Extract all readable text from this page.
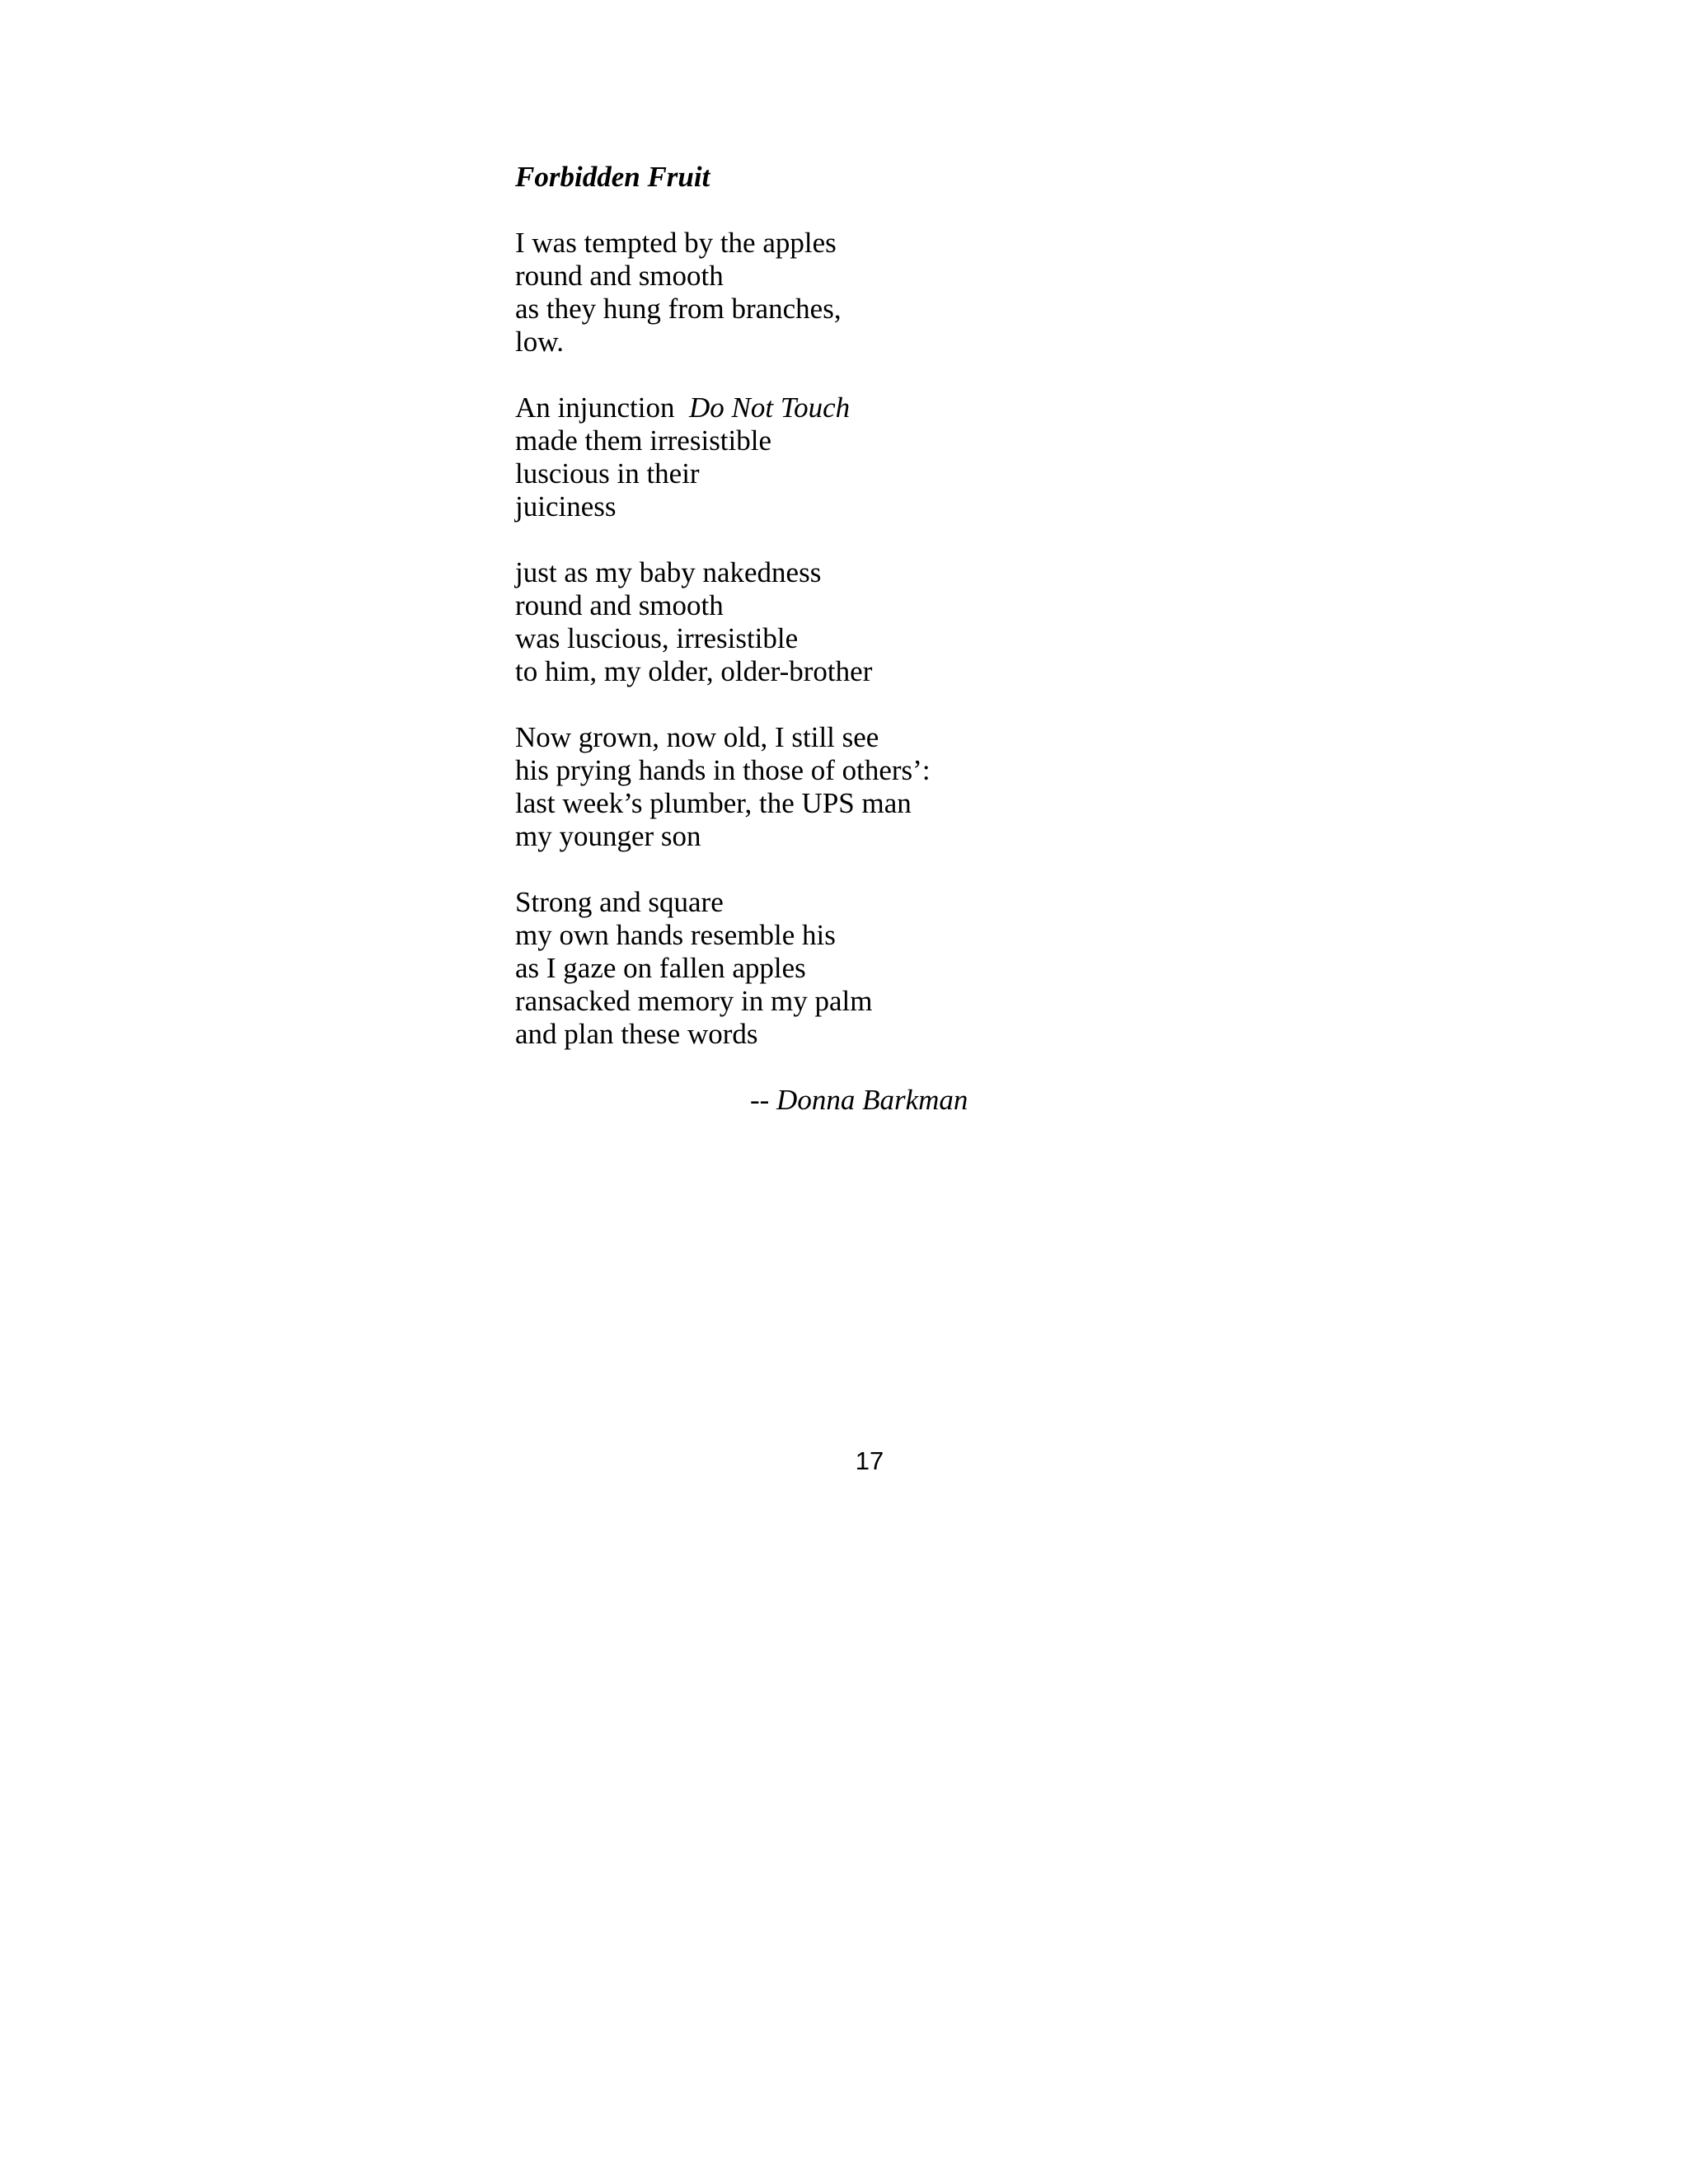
Forbidden Fruit
I was tempted by the apples
round and smooth
as they hung from branches,
low.
An injunction  Do Not Touch
made them irresistible
luscious in their
juiciness
just as my baby nakedness
round and smooth
was luscious, irresistible
to him, my older, older-brother
Now grown, now old, I still see
his prying hands in those of others’:
last week’s plumber, the UPS man
my younger son
Strong and square
my own hands resemble his
as I gaze on fallen apples
ransacked memory in my palm
and plan these words
-- Donna Barkman
17
